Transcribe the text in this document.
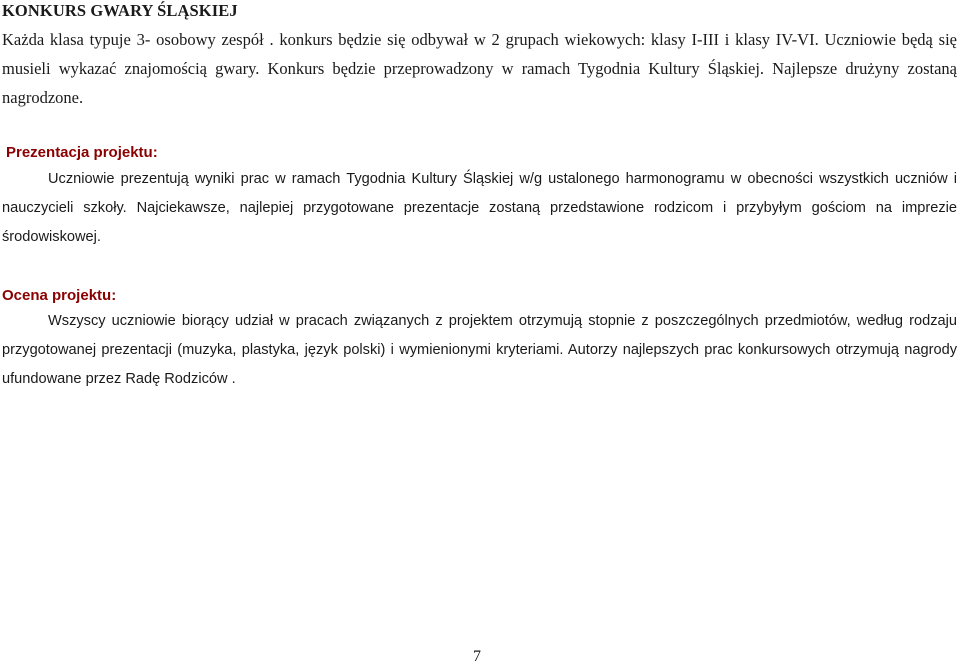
KONKURS GWARY ŚLĄSKIEJ

Każda klasa typuje 3- osobowy zespół . konkurs będzie się odbywał w 2 grupach wiekowych: klasy I-III i klasy IV-VI. Uczniowie będą się musieli wykazać znajomością gwary. Konkurs będzie przeprowadzony w ramach Tygodnia Kultury Śląskiej. Najlepsze drużyny zostaną nagrodzone.

Prezentacja projektu:

Uczniowie prezentują wyniki prac w ramach Tygodnia Kultury Śląskiej w/g ustalonego harmonogramu w obecności wszystkich uczniów i nauczycieli szkoły. Najciekawsze, najlepiej przygotowane prezentacje zostaną przedstawione rodzicom i przybyłym gościom na imprezie środowiskowej.

Ocena projektu:

Wszyscy uczniowie biorący udział w pracach związanych z projektem otrzymują stopnie z poszczególnych przedmiotów, według rodzaju przygotowanej prezentacji (muzyka, plastyka, język polski) i wymienionymi kryteriami. Autorzy najlepszych prac konkursowych otrzymują nagrody ufundowane przez Radę Rodziców .

7
